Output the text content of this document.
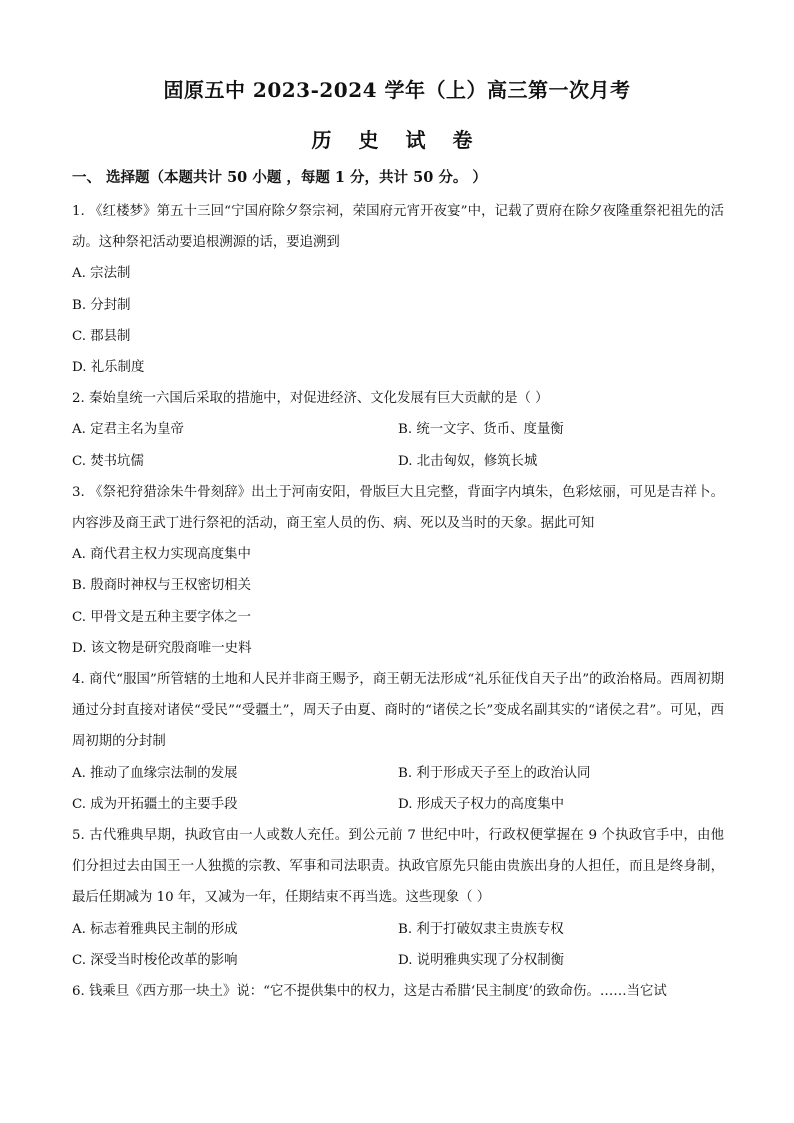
固原五中 2023-2024 学年（上）高三第一次月考
历 史 试 卷
一、 选择题（本题共计 50 小题 ，每题 1 分，共计 50 分。 ）

1. 《红楼梦》第五十三回“宁国府除夕祭宗祠，荣国府元宵开夜宴”中，记载了贾府在除夕夜隆重祭祀祖先的活动。这种祭祀活动要追根溯源的话，要追溯到

A. 宗法制

B. 分封制

C. 郡县制

D. 礼乐制度

2. 秦始皇统一六国后采取的措施中，对促进经济、文化发展有巨大贡献的是（ ）

A. 定君主名为皇帝	B. 统一文字、货币、度量衡
C. 焚书坑儒	D. 北击匈奴，修筑长城

3. 《祭祀狩猎涂朱牛骨刻辞》出土于河南安阳，骨版巨大且完整，背面字内填朱，色彩炫丽，可见是吉祥卜。内容涉及商王武丁进行祭祀的活动，商王室人员的伤、病、死以及当时的天象。据此可知

A. 商代君主权力实现高度集中

B. 殷商时神权与王权密切相关

C. 甲骨文是五种主要字体之一

D. 该文物是研究殷商唯一史料

4. 商代“服国”所管辖的土地和人民并非商王赐予，商王朝无法形成“礼乐征伐自天子出”的政治格局。西周初期通过分封直接对诸侯“受民”“受疆土”，周天子由夏、商时的“诸侯之长”变成名副其实的“诸侯之君”。可见，西周初期的分封制

A. 推动了血缘宗法制的发展	B. 利于形成天子至上的政治认同
C. 成为开拓疆土的主要手段	D. 形成天子权力的高度集中

5. 古代雅典早期，执政官由一人或数人充任。到公元前 7 世纪中叶，行政权便掌握在 9 个执政官手中，由他们分担过去由国王一人独揽的宗教、军事和司法职责。执政官原先只能由贵族出身的人担任，而且是终身制，最后任期减为 10 年，又减为一年，任期结束不再当选。这些现象（ ）

A. 标志着雅典民主制的形成	B. 利于打破奴隶主贵族专权
C. 深受当时梭伦改革的影响	D. 说明雅典实现了分权制衡

6. 钱乘旦《西方那一块土》说：“它不提供集中的权力，这是古希腊‘民主制度’的致命伤。……当它试
